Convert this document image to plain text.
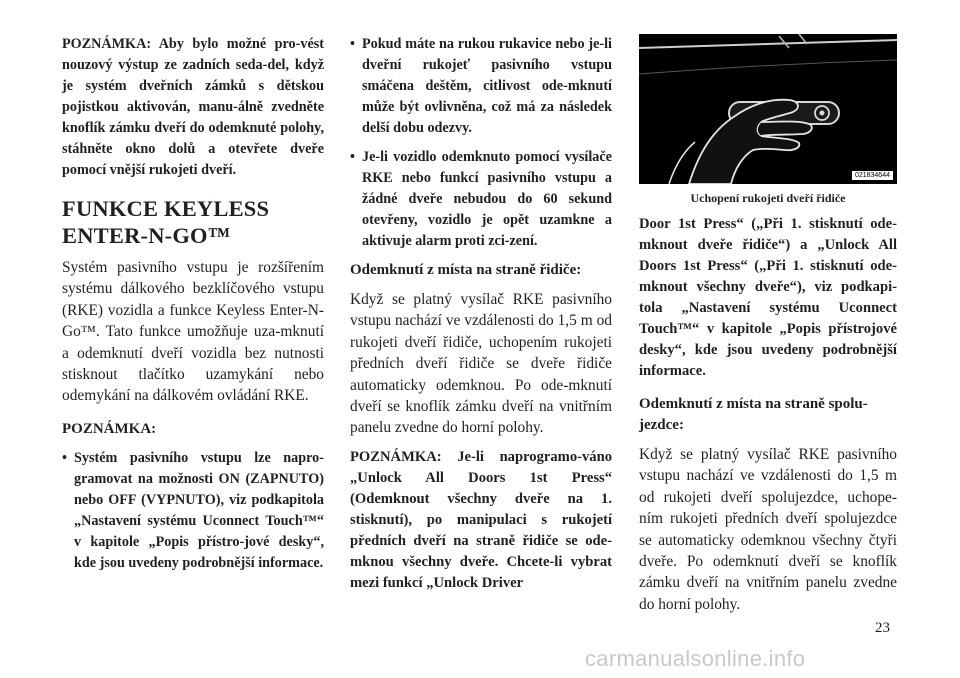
POZNÁMKA: Aby bylo možné pro-vést nouzový výstup ze zadních seda-del, když je systém dveřních zámků s dětskou pojistkou aktivován, manu-álně zvedněte knoflík zámku dveří do odemknuté polohy, stáhněte okno dolů a otevřete dveře pomocí vnější rukojeti dveří.

FUNKCE KEYLESS
ENTER-N-GO™

Systém pasivního vstupu je rozšířením systému dálkového bezklíčového vstupu (RKE) vozidla a funkce Keyless Enter-N-Go™. Tato funkce umožňuje uza-mknutí a odemknutí dveří vozidla bez nutnosti stisknout tlačítko uzamykání nebo odemykání na dálkovém ovládání RKE.

POZNÁMKA:

• Systém pasivního vstupu lze napro-gramovat na možnosti ON (ZAPNUTO) nebo OFF (VYPNUTO), viz podkapitola „Nastavení systému Uconnect Touch™“ v kapitole „Popis přístro-jové desky“, kde jsou uvedeny podrobnější informace.

• Pokud máte na rukou rukavice nebo je-li dveřní rukojeť pasivního vstupu smáčena deštěm, citlivost ode-mknutí může být ovlivněna, což má za následek delší dobu odezvy.

• Je-li vozidlo odemknuto pomocí vysílače RKE nebo funkcí pasivního vstupu a žádné dveře nebudou do 60 sekund otevřeny, vozidlo je opět uzamkne a aktivuje alarm proti zci-zení.

Odemknutí z místa na straně řidiče:

Když se platný vysílač RKE pasivního vstupu nachází ve vzdálenosti do 1,5 m od rukojeti dveří řidiče, uchopením rukojeti předních dveří řidiče se dveře řidiče automaticky odemknou. Po ode-mknutí dveří se knoflík zámku dveří na vnitřním panelu zvedne do horní polohy.

POZNÁMKA: Je-li naprogramo-váno „Unlock All Doors 1st Press“ (Odemknout všechny dveře na 1. stisknutí), po manipulaci s rukojetí předních dveří na straně řidiče se ode-mknou všechny dveře. Chcete-li vybrat mezi funkcí „Unlock Driver

021834644
Uchopení rukojeti dveří řidiče

Door 1st Press“ („Při 1. stisknutí ode-mknout dveře řidiče“) a „Unlock All Doors 1st Press“ („Při 1. stisknutí ode-mknout všechny dveře“), viz podkapi-tola „Nastavení systému Uconnect Touch™“ v kapitole „Popis přístrojové desky“, kde jsou uvedeny podrobnější informace.

Odemknutí z místa na straně spolu-jezdce:

Když se platný vysílač RKE pasivního vstupu nachází ve vzdálenosti do 1,5 m od rukojeti dveří spolujezdce, uchope-ním rukojeti předních dveří spolujezdce se automaticky odemknou všechny čtyři dveře. Po odemknutí dveří se knoflík zámku dveří na vnitřním panelu zvedne do horní polohy.

23
carmanualsonline.info
